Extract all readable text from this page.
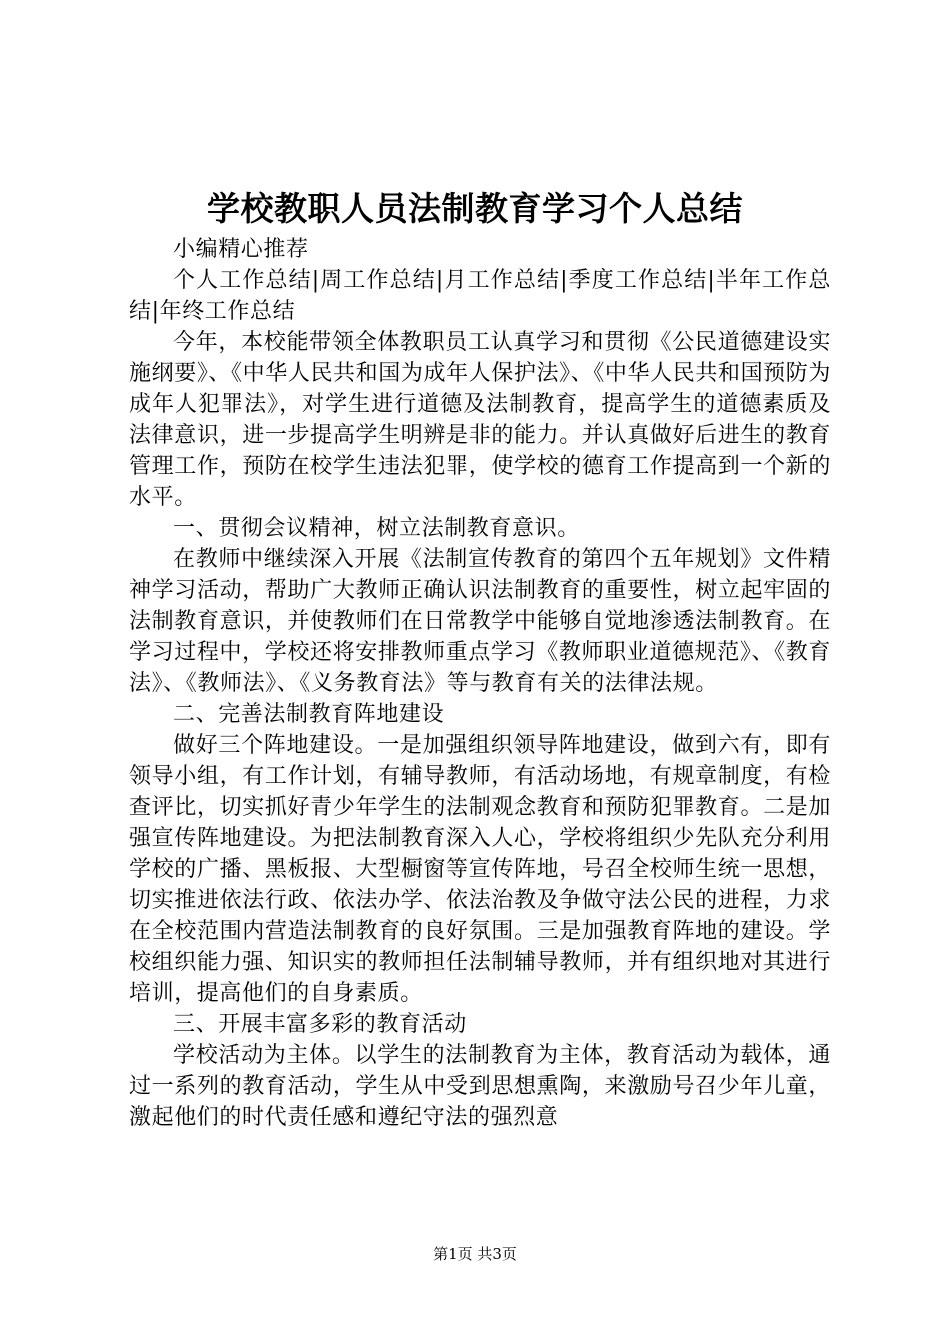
学校教职人员法制教育学习个人总结

小编精心推荐

个人工作总结|周工作总结|月工作总结|季度工作总结|半年工作总结|年终工作总结

今年，本校能带领全体教职员工认真学习和贯彻《公民道德建设实施纲要》、《中华人民共和国为成年人保护法》、《中华人民共和国预防为成年人犯罪法》，对学生进行道德及法制教育，提高学生的道德素质及法律意识，进一步提高学生明辨是非的能力。并认真做好后进生的教育管理工作，预防在校学生违法犯罪，使学校的德育工作提高到一个新的水平。

一、贯彻会议精神，树立法制教育意识。

在教师中继续深入开展《法制宣传教育的第四个五年规划》文件精神学习活动，帮助广大教师正确认识法制教育的重要性，树立起牢固的法制教育意识，并使教师们在日常教学中能够自觉地渗透法制教育。在学习过程中，学校还将安排教师重点学习《教师职业道德规范》、《教育法》、《教师法》、《义务教育法》等与教育有关的法律法规。

二、完善法制教育阵地建设

做好三个阵地建设。一是加强组织领导阵地建设，做到六有，即有领导小组，有工作计划，有辅导教师，有活动场地，有规章制度，有检查评比，切实抓好青少年学生的法制观念教育和预防犯罪教育。二是加强宣传阵地建设。为把法制教育深入人心，学校将组织少先队充分利用学校的广播、黑板报、大型橱窗等宣传阵地，号召全校师生统一思想，切实推进依法行政、依法办学、依法治教及争做守法公民的进程，力求在全校范围内营造法制教育的良好氛围。三是加强教育阵地的建设。学校组织能力强、知识实的教师担任法制辅导教师，并有组织地对其进行培训，提高他们的自身素质。

三、开展丰富多彩的教育活动

学校活动为主体。以学生的法制教育为主体，教育活动为载体，通过一系列的教育活动，学生从中受到思想熏陶，来激励号召少年儿童，激起他们的时代责任感和遵纪守法的强烈意

第1页 共3页
